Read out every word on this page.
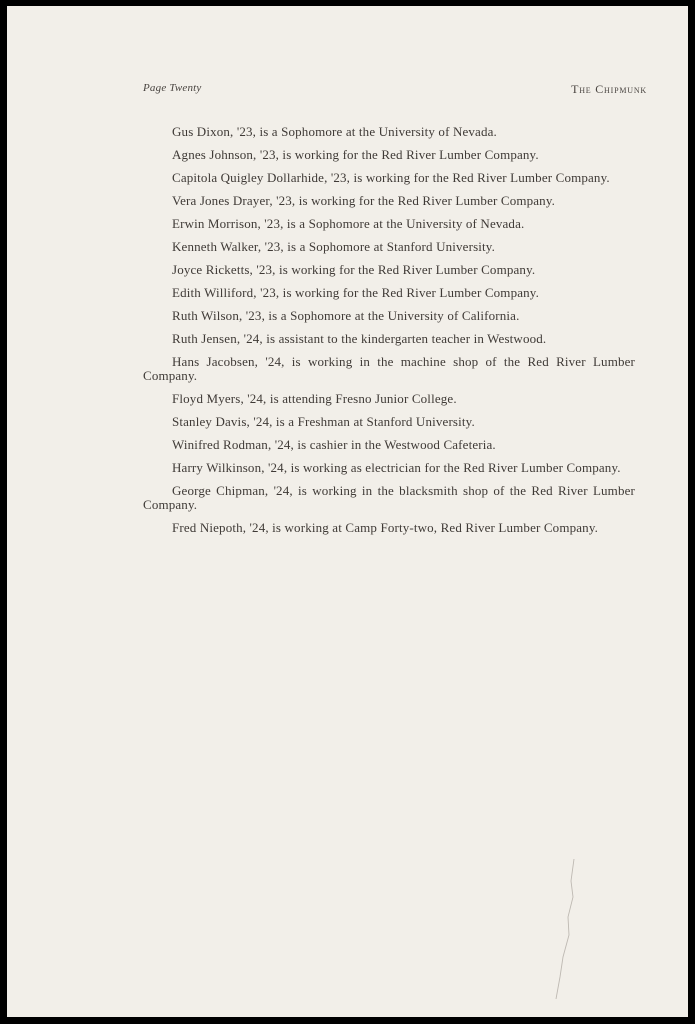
Page Twenty	The Chipmunk

Gus Dixon, '23, is a Sophomore at the University of Nevada.

Agnes Johnson, '23, is working for the Red River Lumber Company.

Capitola Quigley Dollarhide, '23, is working for the Red River Lumber Company.

Vera Jones Drayer, '23, is working for the Red River Lumber Company.

Erwin Morrison, '23, is a Sophomore at the University of Nevada.

Kenneth Walker, '23, is a Sophomore at Stanford University.

Joyce Ricketts, '23, is working for the Red River Lumber Company.

Edith Williford, '23, is working for the Red River Lumber Company.

Ruth Wilson, '23, is a Sophomore at the University of California.

Ruth Jensen, '24, is assistant to the kindergarten teacher in Westwood.

Hans Jacobsen, '24, is working in the machine shop of the Red River Lumber Company.

Floyd Myers, '24, is attending Fresno Junior College.

Stanley Davis, '24, is a Freshman at Stanford University.

Winifred Rodman, '24, is cashier in the Westwood Cafeteria.

Harry Wilkinson, '24, is working as electrician for the Red River Lumber Company.

George Chipman, '24, is working in the blacksmith shop of the Red River Lumber Company.

Fred Niepoth, '24, is working at Camp Forty-two, Red River Lumber Company.
